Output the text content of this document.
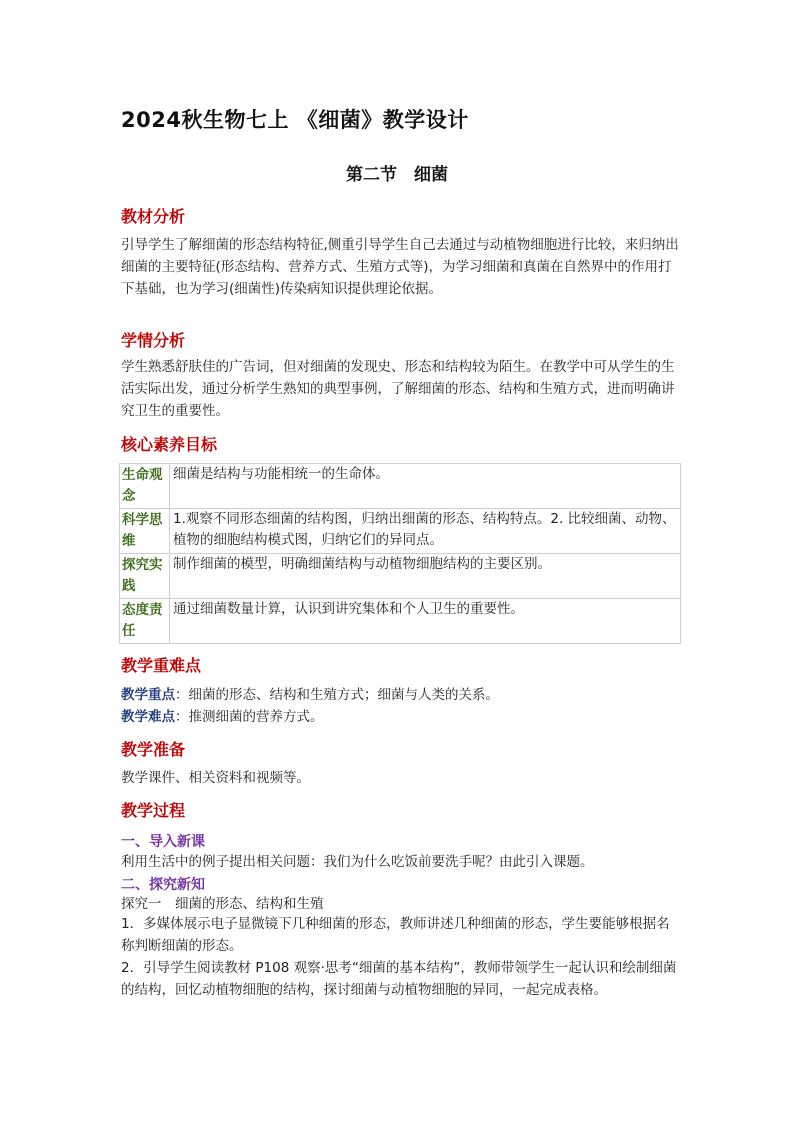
2024秋生物七上 《细菌》教学设计
第二节　细菌
教材分析
引导学生了解细菌的形态结构特征,侧重引导学生自己去通过与动植物细胞进行比较，来归纳出细菌的主要特征(形态结构、营养方式、生殖方式等)，为学习细菌和真菌在自然界中的作用打下基础，也为学习(细菌性)传染病知识提供理论依据。
学情分析
学生熟悉舒肤佳的广告词，但对细菌的发现史、形态和结构较为陌生。在教学中可从学生的生活实际出发，通过分析学生熟知的典型事例，了解细菌的形态、结构和生殖方式，进而明确讲究卫生的重要性。
核心素养目标
生命观念	细菌是结构与功能相统一的生命体。
科学思维	1.观察不同形态细菌的结构图，归纳出细菌的形态、结构特点。2. 比较细菌、动物、植物的细胞结构模式图，归纳它们的异同点。
探究实践	制作细菌的模型，明确细菌结构与动植物细胞结构的主要区别。
态度责任	通过细菌数量计算，认识到讲究集体和个人卫生的重要性。
教学重难点
教学重点：细菌的形态、结构和生殖方式；细菌与人类的关系。
教学难点：推测细菌的营养方式。
教学准备
教学课件、相关资料和视频等。
教学过程
一、导入新课
利用生活中的例子提出相关问题：我们为什么吃饭前要洗手呢？由此引入课题。
二、探究新知
探究一　细菌的形态、结构和生殖
1．多媒体展示电子显微镜下几种细菌的形态，教师讲述几种细菌的形态，学生要能够根据名称判断细菌的形态。
2．引导学生阅读教材 P108 观察·思考“细菌的基本结构”，教师带领学生一起认识和绘制细菌的结构，回忆动植物细胞的结构，探讨细菌与动植物细胞的异同，一起完成表格。
